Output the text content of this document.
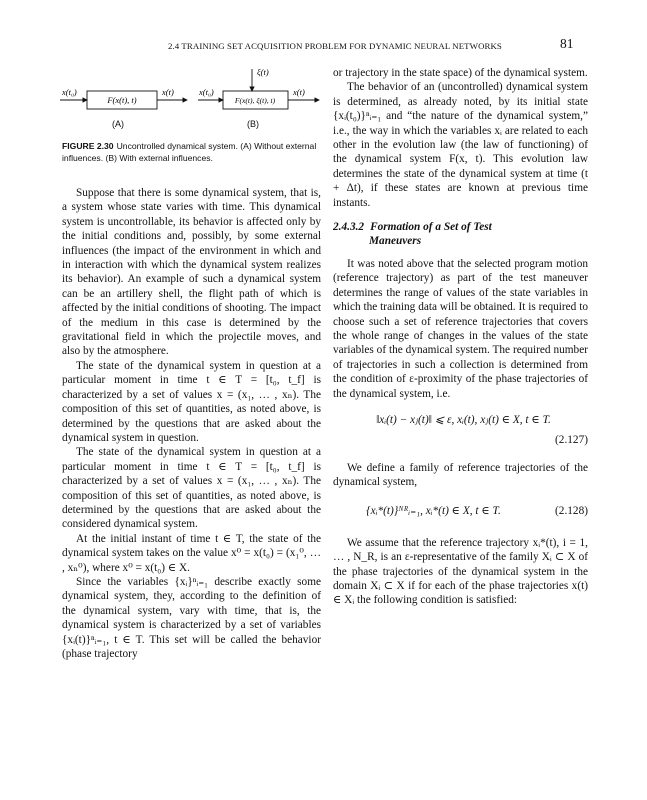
2.4 TRAINING SET ACQUISITION PROBLEM FOR DYNAMIC NEURAL NETWORKS	81
x(t₀)
F(x(t), t)
x(t)
ξ(t)
x(t₀)
F(x(t), ξ(t), t)
x(t)
(A)	(B)
FIGURE 2.30 Uncontrolled dynamical system. (A) Without external influences. (B) With external influences.

Suppose that there is some dynamical system, that is, a system whose state varies with time. This dynamical system is uncontrollable, its behavior is affected only by the initial conditions and, possibly, by some external influences (the impact of the environment in which and in interaction with which the dynamical system realizes its behavior). An example of such a dynamical system can be an artillery shell, the flight path of which is affected by the initial conditions of shooting. The impact of the medium in this case is determined by the gravitational field in which the projectile moves, and also by the atmosphere.

The state of the dynamical system in question at a particular moment in time t ∈ T = [t₀, t_f] is characterized by a set of values x = (x₁, … , xₙ). The composition of this set of quantities, as noted above, is determined by the questions that are asked about the dynamical system in question.

The state of the dynamical system in question at a particular moment in time t ∈ T = [t₀, t_f] is characterized by a set of values x = (x₁, … , xₙ). The composition of this set of quantities, as noted above, is determined by the questions that are asked about the considered dynamical system.

At the initial instant of time t ∈ T, the state of the dynamical system takes on the value x⁰ = x(t₀) = (x₁⁰, … , xₙ⁰), where x⁰ = x(t₀) ∈ X.

Since the variables {xᵢ}ⁿᵢ₌₁ describe exactly some dynamical system, they, according to the definition of the dynamical system, vary with time, that is, the dynamical system is characterized by a set of variables {xᵢ(t)}ⁿᵢ₌₁, t ∈ T. This set will be called the behavior (phase trajectory

or trajectory in the state space) of the dynamical system.

The behavior of an (uncontrolled) dynamical system is determined, as already noted, by its initial state {xᵢ(t₀)}ⁿᵢ₌₁ and “the nature of the dynamical system,” i.e., the way in which the variables xᵢ are related to each other in the evolution law (the law of functioning) of the dynamical system F(x, t). This evolution law determines the state of the dynamical system at time (t + Δt), if these states are known at previous time instants.

2.4.3.2 Formation of a Set of Test
Maneuvers

It was noted above that the selected program motion (reference trajectory) as part of the test maneuver determines the range of values of the state variables in which the training data will be obtained. It is required to choose such a set of reference trajectories that covers the whole range of changes in the values of the state variables of the dynamical system. The required number of trajectories in such a collection is determined from the condition of ε-proximity of the phase trajectories of the dynamical system, i.e.

‖xᵢ(t) − xⱼ(t)‖ ⩽ ε, xᵢ(t), xⱼ(t) ∈ X, t ∈ T.
(2.127)

We define a family of reference trajectories of the dynamical system,

{xᵢ*(t)}ᴺᴿᵢ₌₁, xᵢ*(t) ∈ X, t ∈ T.	(2.128)

We assume that the reference trajectory xᵢ*(t), i = 1, … , N_R, is an ε-representative of the family Xᵢ ⊂ X of the phase trajectories of the dynamical system in the domain Xᵢ ⊂ X if for each of the phase trajectories x(t) ∈ Xᵢ the following condition is satisfied:
